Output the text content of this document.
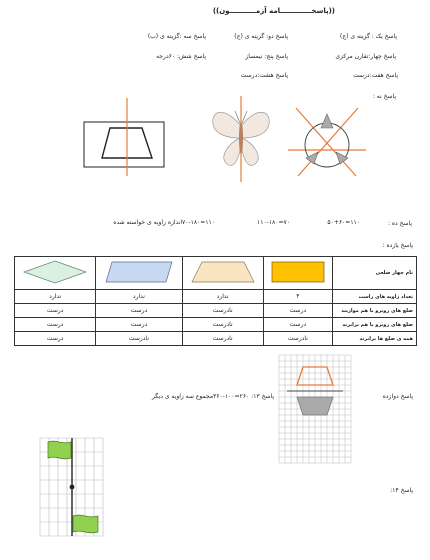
((پاسخـــــــــــــامه آزمـــــــــــون))
پاسخ یک : گزینه ی (ج)
پاسخ دو: گزینه ی (ج)
پاسخ سه :گزینه ی (ب)
پاسخ چهار:تقارن مرکزی
پاسخ پنج: نیمساز
پاسخ شش: ۶۰درجه
پاسخ هفت:درست
پاسخ هشت:درست
پاسخ نه :
پاسخ ده :
۱۱۰=۵۰+۶۰
۷۰=۱۱۰-۱۸۰
۱۱۰=۷۰-۱۸۰اندازه زاویه ی خواسته شده
پاسخ یازده :
نام چهار ضلعی				
تعداد زاویه های راست	۴	ندارد	ندارد	ندارد
ضلع های روبرو با هم موازیند	درست	نادرست	درست	درست
ضلع های روبرو با هم برابرند	درست	نادرست	درست	درست
همه ی ضلع ها برابرند	نادرست	نادرست	نادرست	درست
پاسخ دوازده
پاسخ ۱۳: ۲۶۰=۱۰۰-۳۶۰مجموع سه زاویه ی دیگر
پاسخ ۱۴:
